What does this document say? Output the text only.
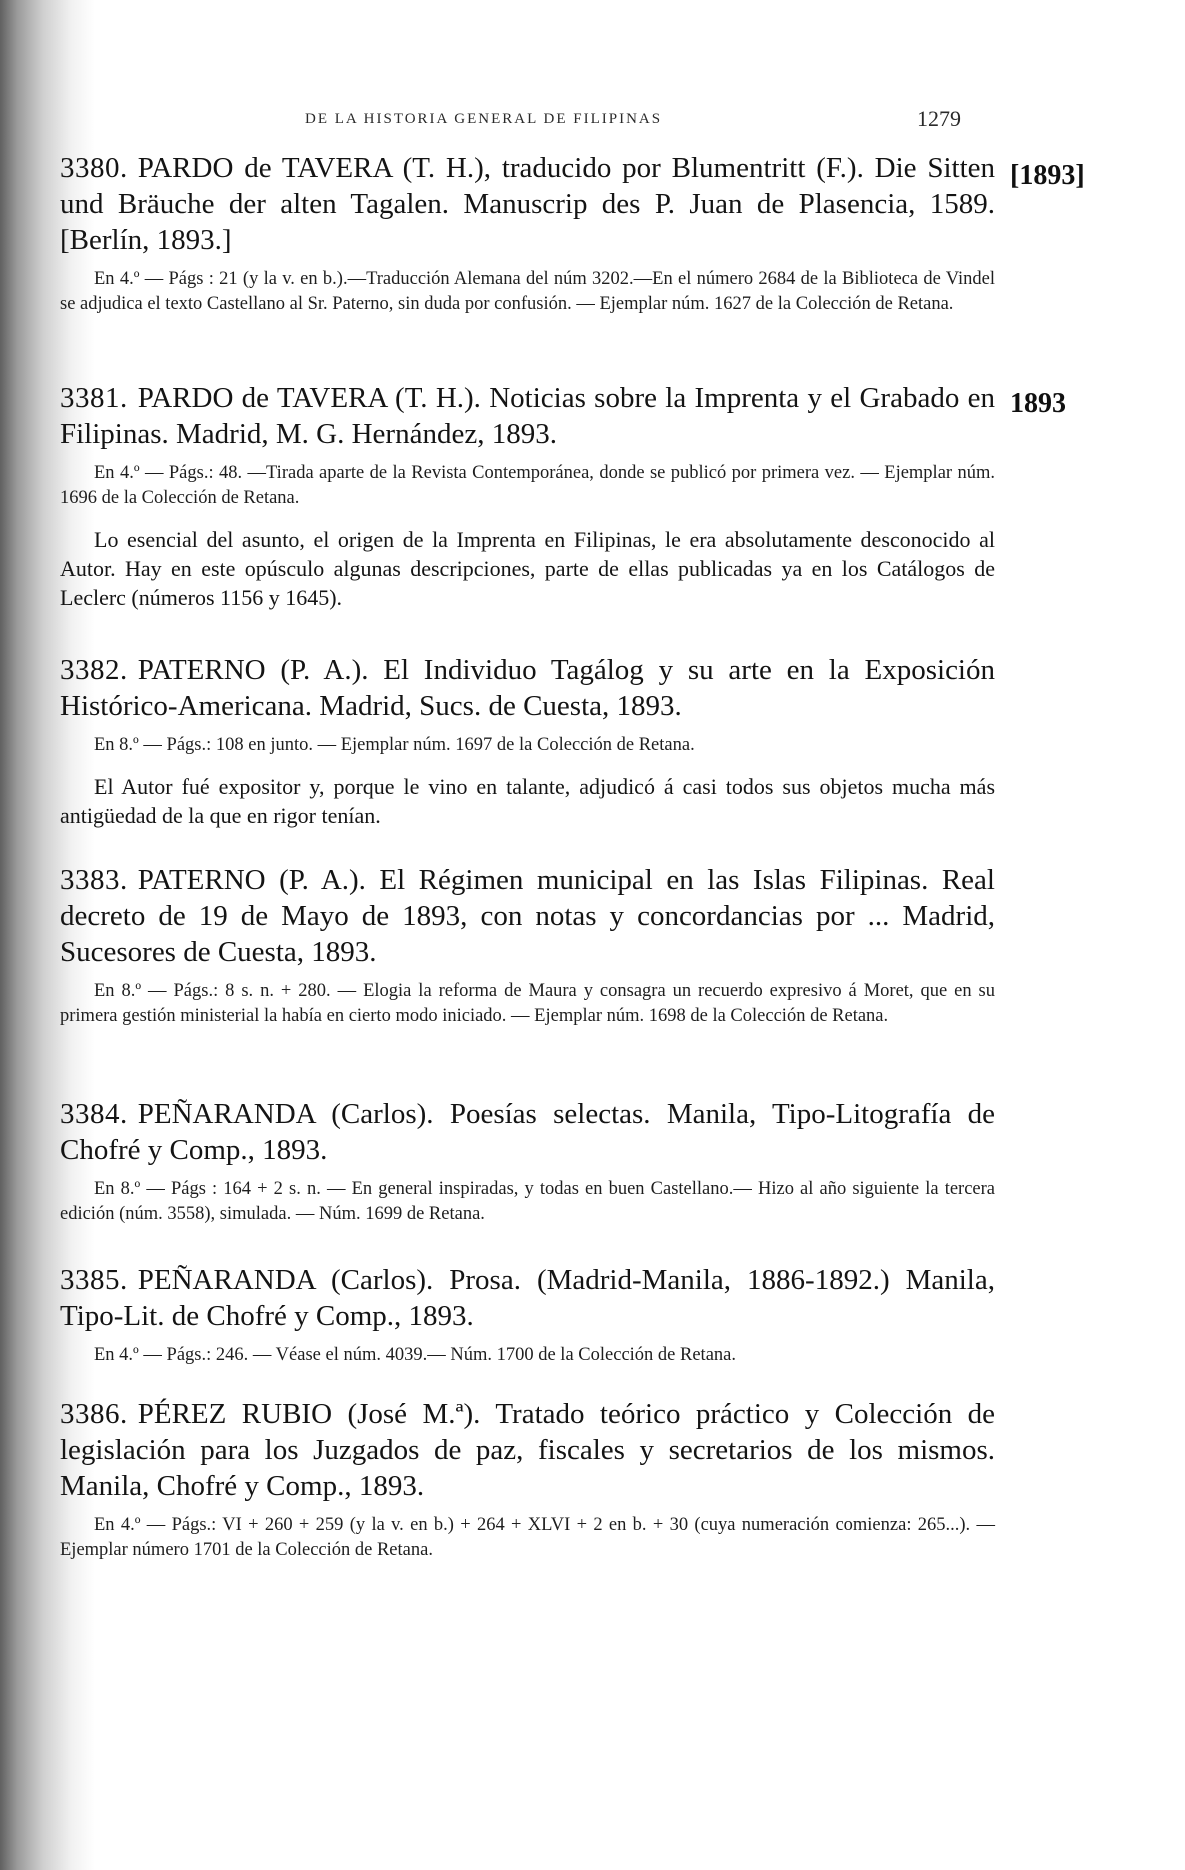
DE LA HISTORIA GENERAL DE FILIPINAS	1279
[1893]

3380. PARDO de TAVERA (T. H.), traducido por Blumentritt (F.). Die Sitten und Bräuche der alten Tagalen. Manuscrip des P. Juan de Plasencia, 1589. [Berlín, 1893.]

En 4.º — Págs : 21 (y la v. en b.).—Traducción Alemana del núm 3202.—En el número 2684 de la Biblioteca de Vindel se adjudica el texto Castellano al Sr. Paterno, sin duda por confusión. — Ejemplar núm. 1627 de la Colección de Retana.

1893

3381. PARDO de TAVERA (T. H.). Noticias sobre la Imprenta y el Grabado en Filipinas. Madrid, M. G. Hernández, 1893.

En 4.º — Págs.: 48. —Tirada aparte de la Revista Contemporánea, donde se publicó por primera vez. — Ejemplar núm. 1696 de la Colección de Retana.

Lo esencial del asunto, el origen de la Imprenta en Filipinas, le era absolutamente desconocido al Autor. Hay en este opúsculo algunas descripciones, parte de ellas publicadas ya en los Catálogos de Leclerc (números 1156 y 1645).

3382. PATERNO (P. A.). El Individuo Tagálog y su arte en la Exposición Histórico-Americana. Madrid, Sucs. de Cuesta, 1893.

En 8.º — Págs.: 108 en junto. — Ejemplar núm. 1697 de la Colección de Retana.

El Autor fué expositor y, porque le vino en talante, adjudicó á casi todos sus objetos mucha más antigüedad de la que en rigor tenían.

3383. PATERNO (P. A.). El Régimen municipal en las Islas Filipinas. Real decreto de 19 de Mayo de 1893, con notas y concordancias por ... Madrid, Sucesores de Cuesta, 1893.

En 8.º — Págs.: 8 s. n. + 280. — Elogia la reforma de Maura y consagra un recuerdo expresivo á Moret, que en su primera gestión ministerial la había en cierto modo iniciado. — Ejemplar núm. 1698 de la Colección de Retana.

3384. PEÑARANDA (Carlos). Poesías selectas. Manila, Tipo-Litografía de Chofré y Comp., 1893.

En 8.º — Págs : 164 + 2 s. n. — En general inspiradas, y todas en buen Castellano.— Hizo al año siguiente la tercera edición (núm. 3558), simulada. — Núm. 1699 de Retana.

3385. PEÑARANDA (Carlos). Prosa. (Madrid-Manila, 1886-1892.) Manila, Tipo-Lit. de Chofré y Comp., 1893.

En 4.º — Págs.: 246. — Véase el núm. 4039.— Núm. 1700 de la Colección de Retana.

3386. PÉREZ RUBIO (José M.ª). Tratado teórico práctico y Colección de legislación para los Juzgados de paz, fiscales y secretarios de los mismos. Manila, Chofré y Comp., 1893.

En 4.º — Págs.: VI + 260 + 259 (y la v. en b.) + 264 + XLVI + 2 en b. + 30 (cuya numeración comienza: 265...). — Ejemplar número 1701 de la Colección de Retana.
